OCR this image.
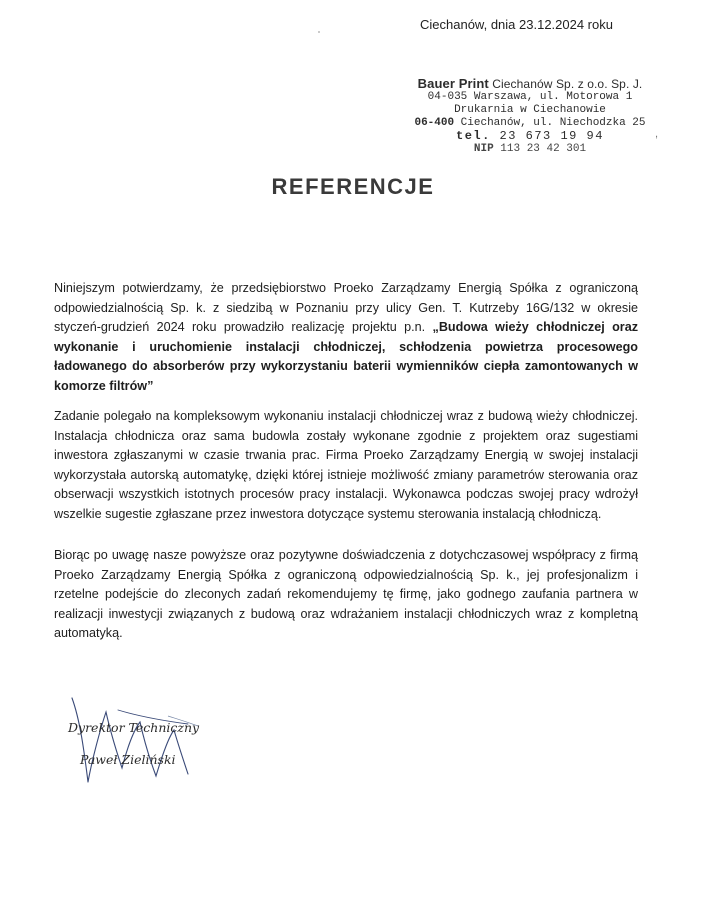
Ciechanów, dnia 23.12.2024 roku
Bauer Print Ciechanów Sp. z o.o. Sp. J.
04-035 Warszawa, ul. Motorowa 1
Drukarnia w Ciechanowie
06-400 Ciechanów, ul. Niechodzka 25
tel. 23 673 19 94
NIP 113 23 42 301
,
REFERENCJE
Niniejszym potwierdzamy, że przedsiębiorstwo Proeko Zarządzamy Energią Spółka z ograniczoną odpowiedzialnością Sp. k. z siedzibą w Poznaniu przy ulicy Gen. T. Kutrzeby 16G/132 w okresie styczeń-grudzień 2024 roku prowadziło realizację projektu p.n. „Budowa wieży chłodniczej oraz wykonanie i uruchomienie instalacji chłodniczej, schłodzenia powietrza procesowego ładowanego do absorberów przy wykorzystaniu baterii wymienników ciepła zamontowanych w komorze filtrów”
Zadanie polegało na kompleksowym wykonaniu instalacji chłodniczej wraz z budową wieży chłodniczej. Instalacja chłodnicza oraz sama budowla zostały wykonane zgodnie z projektem oraz sugestiami inwestora zgłaszanymi w czasie trwania prac. Firma Proeko Zarządzamy Energią w swojej instalacji wykorzystała autorską automatykę, dzięki której istnieje możliwość zmiany parametrów sterowania oraz obserwacji wszystkich istotnych procesów pracy instalacji. Wykonawca podczas swojej pracy wdrożył wszelkie sugestie zgłaszane przez inwestora dotyczące systemu sterowania instalacją chłodniczą.
Biorąc po uwagę nasze powyższe oraz pozytywne doświadczenia z dotychczasowej współpracy z firmą Proeko Zarządzamy Energią Spółka z ograniczoną odpowiedzialnością Sp. k., jej profesjonalizm i rzetelne podejście do zleconych zadań rekomendujemy tę firmę, jako godnego zaufania partnera w realizacji inwestycji związanych z budową oraz wdrażaniem instalacji chłodniczych wraz z kompletną automatyką.
Dyrektor Techniczny
Paweł Zieliński
